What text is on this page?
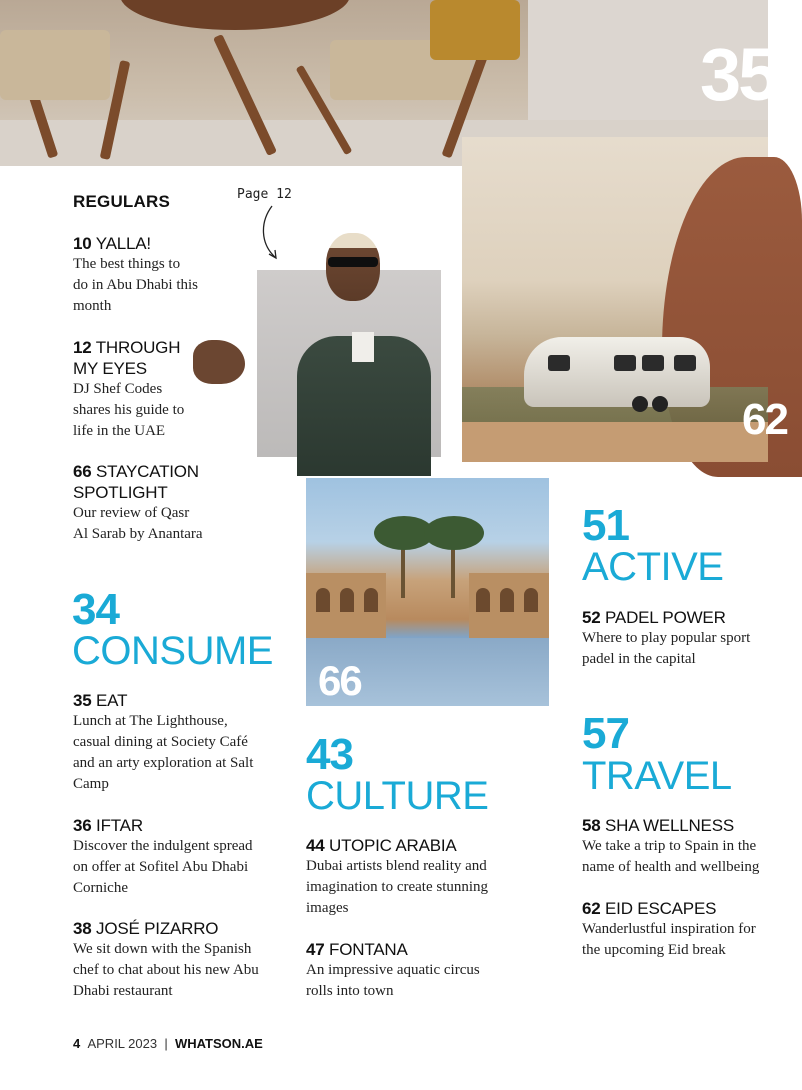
35
62
66
REGULARS	Page 12
10 YALLA!
The best things to
do in Abu Dhabi this
month
12 THROUGH
MY EYES
DJ Shef Codes
shares his guide to
life in the UAE
66 STAYCATION
SPOTLIGHT
Our review of Qasr
Al Sarab by Anantara
34
CONSUME
35 EAT
Lunch at The Lighthouse,
casual dining at Society Café
and an arty exploration at Salt
Camp
36 IFTAR
Discover the indulgent spread
on offer at Sofitel Abu Dhabi
Corniche
38 JOSÉ PIZARRO
We sit down with the Spanish
chef to chat about his new Abu
Dhabi restaurant
43
CULTURE
44 UTOPIC ARABIA
Dubai artists blend reality and
imagination to create stunning
images
47 FONTANA
An impressive aquatic circus
rolls into town
51
ACTIVE
52 PADEL POWER
Where to play popular sport
padel in the capital
57
TRAVEL
58 SHA WELLNESS
We take a trip to Spain in the
name of health and wellbeing
62 EID ESCAPES
Wanderlustful inspiration for
the upcoming Eid break
4 APRIL 2023 | WHATSON.AE
